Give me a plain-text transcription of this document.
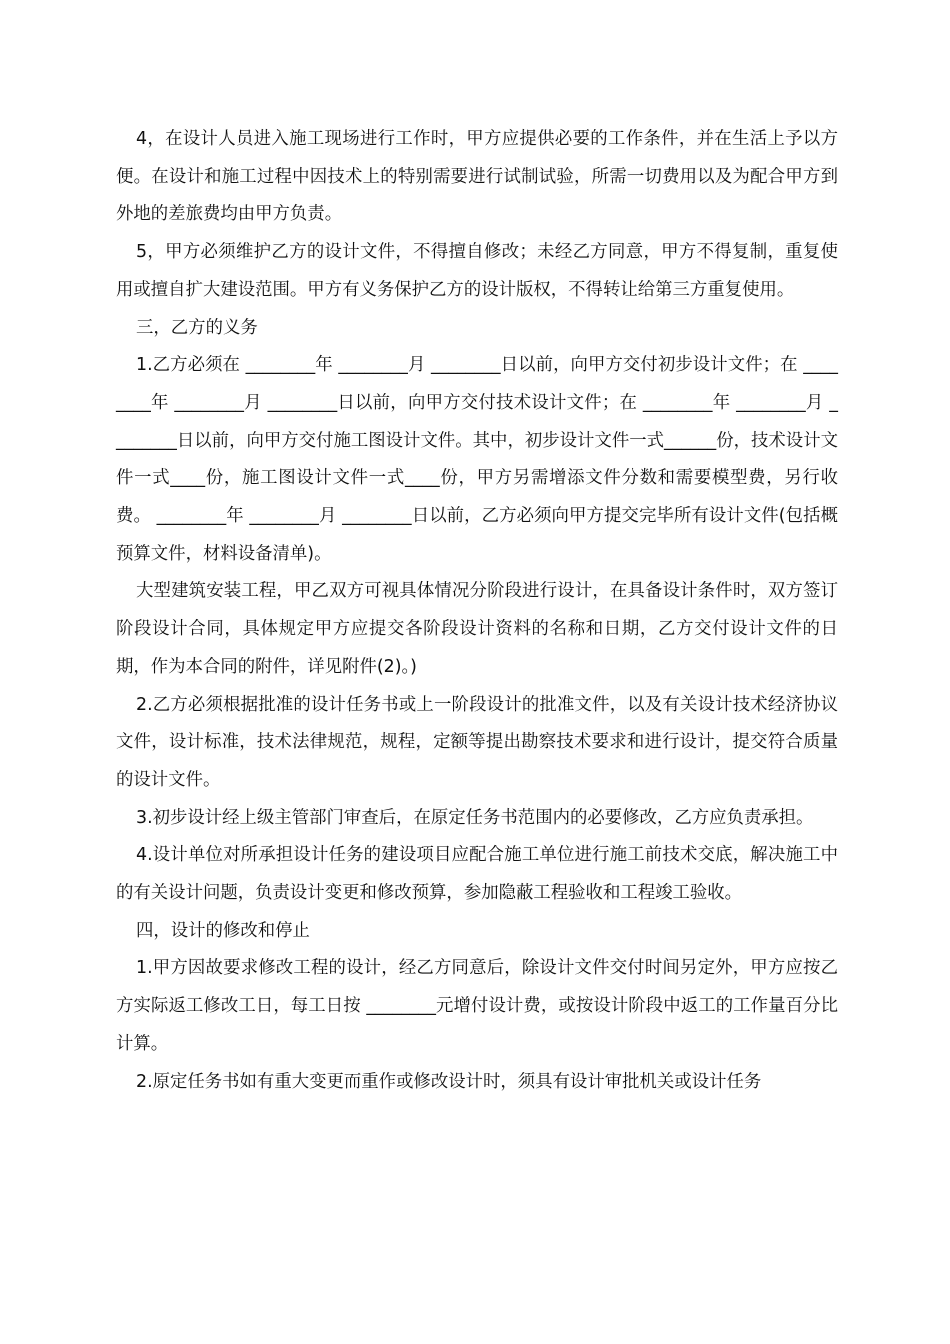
4，在设计人员进入施工现场进行工作时，甲方应提供必要的工作条件，并在生活上予以方便。在设计和施工过程中因技术上的特别需要进行试制试验，所需一切费用以及为配合甲方到外地的差旅费均由甲方负责。

5，甲方必须维护乙方的设计文件，不得擅自修改；未经乙方同意，甲方不得复制，重复使用或擅自扩大建设范围。甲方有义务保护乙方的设计版权，不得转让给第三方重复使用。

三，乙方的义务

1.乙方必须在 ________年 ________月 ________日以前，向甲方交付初步设计文件；在 ________年 ________月 ________日以前，向甲方交付技术设计文件；在 ________年 ________月 ________日以前，向甲方交付施工图设计文件。其中，初步设计文件一式______份，技术设计文件一式____份，施工图设计文件一式____份，甲方另需增添文件分数和需要模型费，另行收费。 ________年 ________月 ________日以前，乙方必须向甲方提交完毕所有设计文件(包括概预算文件，材料设备清单)。

大型建筑安装工程，甲乙双方可视具体情况分阶段进行设计，在具备设计条件时，双方签订阶段设计合同，具体规定甲方应提交各阶段设计资料的名称和日期，乙方交付设计文件的日期，作为本合同的附件，详见附件(2)。)

2.乙方必须根据批准的设计任务书或上一阶段设计的批准文件，以及有关设计技术经济协议文件，设计标准，技术法律规范，规程，定额等提出勘察技术要求和进行设计，提交符合质量的设计文件。

3.初步设计经上级主管部门审查后，在原定任务书范围内的必要修改，乙方应负责承担。

4.设计单位对所承担设计任务的建设项目应配合施工单位进行施工前技术交底，解决施工中的有关设计问题，负责设计变更和修改预算，参加隐蔽工程验收和工程竣工验收。

四，设计的修改和停止

1.甲方因故要求修改工程的设计，经乙方同意后，除设计文件交付时间另定外，甲方应按乙方实际返工修改工日，每工日按 ________元增付设计费，或按设计阶段中返工的工作量百分比计算。

2.原定任务书如有重大变更而重作或修改设计时，须具有设计审批机关或设计任务
